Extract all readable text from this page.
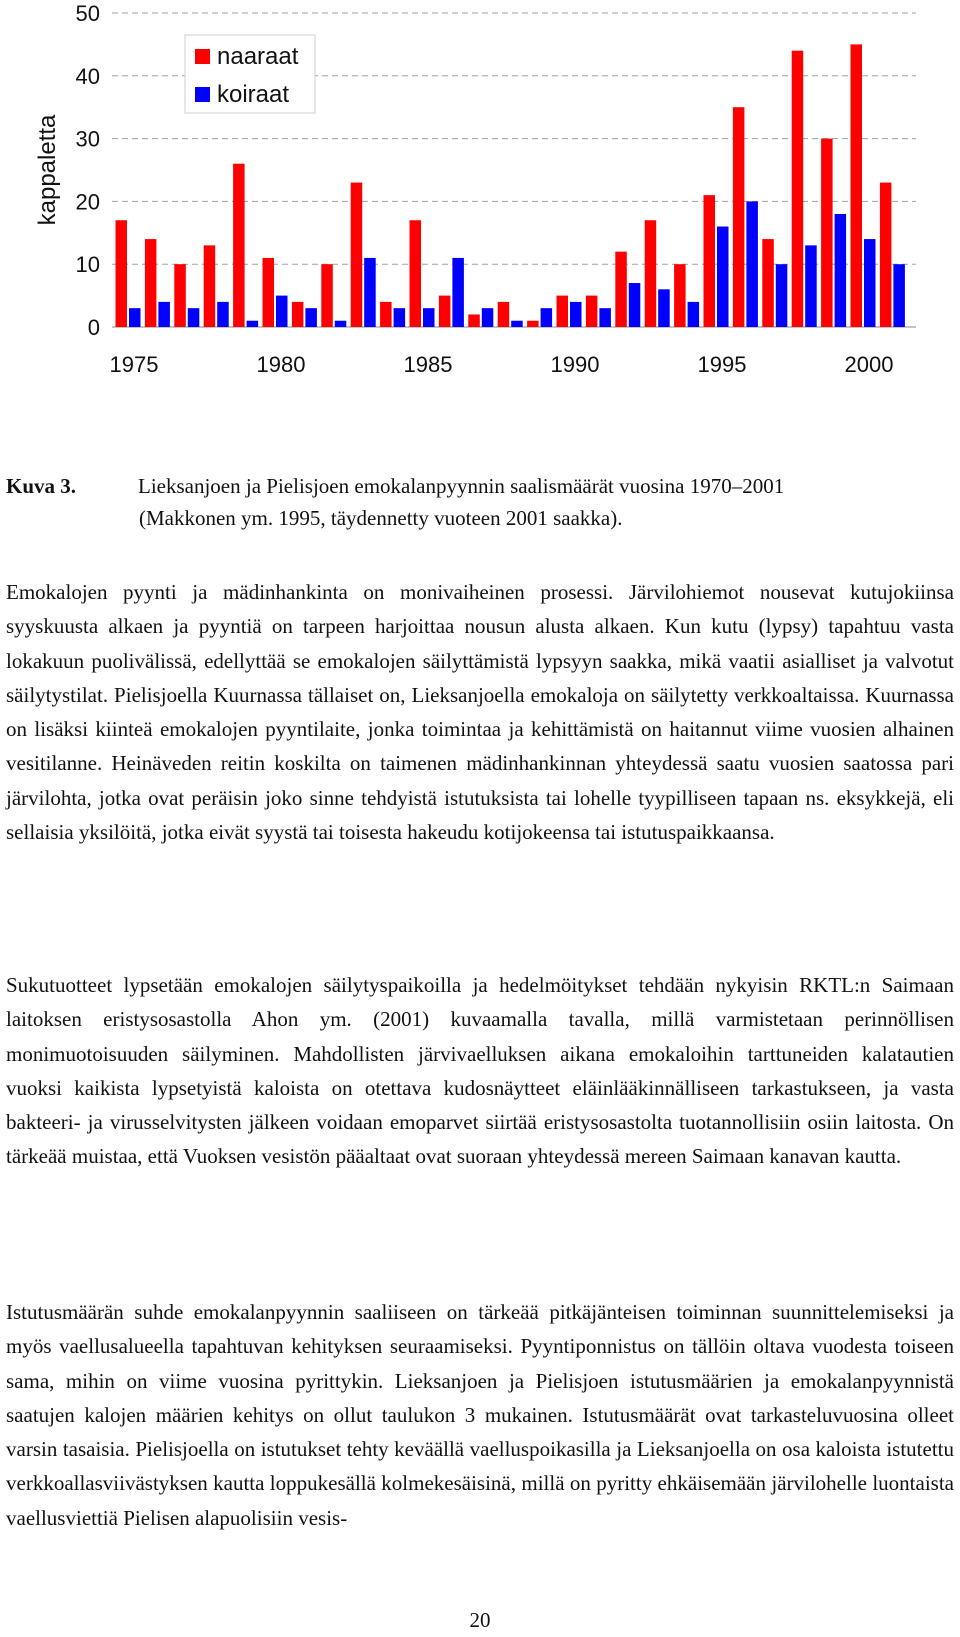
0
10
20
30
40
50
1975	1980	1985	1990	1995	2000
kappaletta
naaraat
koiraat
Kuva 3.	Lieksanjoen ja Pielisjoen emokalanpyynnin saalismäärät vuosina 1970–2001
(Makkonen ym. 1995, täydennetty vuoteen 2001 saakka).

Emokalojen pyynti ja mädinhankinta on monivaiheinen prosessi. Järvilohiemot nousevat kutujokiinsa syyskuusta alkaen ja pyyntiä on tarpeen harjoittaa nousun alusta alkaen. Kun kutu (lypsy) tapahtuu vasta lokakuun puolivälissä, edellyttää se emokalojen säilyttämistä lypsyyn saakka, mikä vaatii asialliset ja valvotut säilytystilat. Pielisjoella Kuurnassa tällaiset on, Lieksanjoella emokaloja on säilytetty verkkoaltaissa. Kuurnassa on lisäksi kiinteä emokalojen pyyntilaite, jonka toimintaa ja kehittämistä on haitannut viime vuosien alhainen vesitilanne. Heinäveden reitin koskilta on taimenen mädinhankinnan yhteydessä saatu vuosien saatossa pari järvilohta, jotka ovat peräisin joko sinne tehdyistä istutuksista tai lohelle tyypilliseen tapaan ns. eksykkejä, eli sellaisia yksilöitä, jotka eivät syystä tai toisesta hakeudu kotijokeensa tai istutuspaikkaansa.

Sukutuotteet lypsetään emokalojen säilytyspaikoilla ja hedelmöitykset tehdään nykyisin RKTL:n Saimaan laitoksen eristysosastolla Ahon ym. (2001) kuvaamalla tavalla, millä varmistetaan perinnöllisen monimuotoisuuden säilyminen. Mahdollisten järvivaelluksen aikana emokaloihin tarttuneiden kalatautien vuoksi kaikista lypsetyistä kaloista on otettava kudosnäytteet eläinlääkinnälliseen tarkastukseen, ja vasta bakteeri- ja virusselvitysten jälkeen voidaan emoparvet siirtää eristysosastolta tuotannollisiin osiin laitosta. On tärkeää muistaa, että Vuoksen vesistön pääaltaat ovat suoraan yhteydessä mereen Saimaan kanavan kautta.

Istutusmäärän suhde emokalanpyynnin saaliiseen on tärkeää pitkäjänteisen toiminnan suunnittelemiseksi ja myös vaellusalueella tapahtuvan kehityksen seuraamiseksi. Pyyntiponnistus on tällöin oltava vuodesta toiseen sama, mihin on viime vuosina pyrittykin. Lieksanjoen ja Pielisjoen istutusmäärien ja emokalanpyynnistä saatujen kalojen määrien kehitys on ollut taulukon 3 mukainen. Istutusmäärät ovat tarkasteluvuosina olleet varsin tasaisia. Pielisjoella on istutukset tehty keväällä vaelluspoikasilla ja Lieksanjoella on osa kaloista istutettu verkkoallasviivästyksen kautta loppukesällä kolmekesäisinä, millä on pyritty ehkäisemään järvilohelle luontaista vaellusviettiä Pielisen alapuolisiin vesis-

20
